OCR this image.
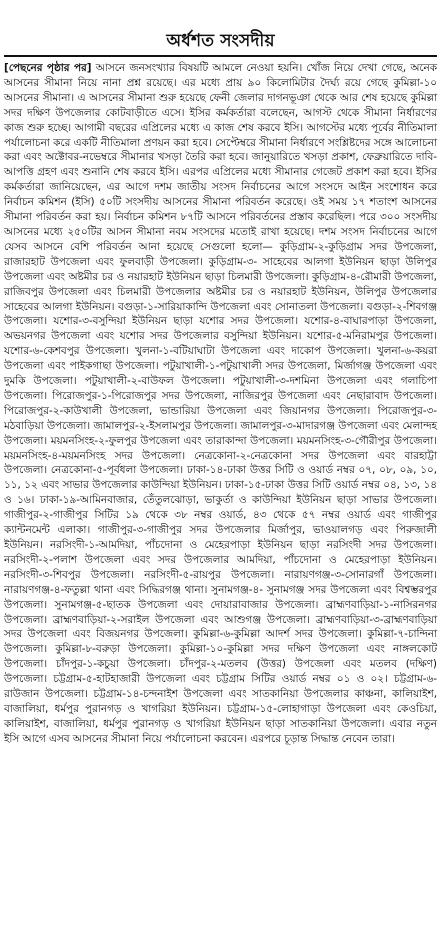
অর্ধশত সংসদীয়

[পেছনের পৃষ্ঠার পর] আসনে জনসংখ্যার বিষয়টি আমলে নেওয়া হয়নি। খোঁজ নিয়ে দেখা গেছে, অনেক আসনের সীমানা নিয়ে নানা প্রশ্ন রয়েছে। এর মধ্যে প্রায় ৯০ কিলোমিটার দৈর্ঘ্য রয়ে গেছে কুমিল্লা-১০ আসনের সীমানা। এ আসনের সীমানা শুরু হয়েছে ফেনী জেলার দাগনভূঞা থেকে আর শেষ হয়েছে কুমিল্লা সদর দক্ষিণ উপজেলার কোটবাড়ীতে এসে। ইসির কর্মকর্তারা বলেছেন, আগস্ট থেকে সীমানা নির্ধারণের কাজ শুরু হচ্ছে। আগামী বছরের এপ্রিলের মধ্যে এ কাজ শেষ করবে ইসি। আগস্টের মধ্যে পূর্বের নীতিমালা পর্যালোচনা করে একটি নীতিমালা প্রণয়ন করা হবে। সেপ্টেম্বরে সীমানা নির্ধারণে সংশ্লিষ্টদের সঙ্গে আলোচনা করা এবং অক্টোবর-নভেম্বরে সীমানার খসড়া তৈরি করা হবে। জানুয়ারিতে খসড়া প্রকাশ, ফেব্রুয়ারিতে দাবি-আপত্তি গ্রহণ এবং শুনানি শেষ করবে ইসি। এরপর এপ্রিলের মধ্যে সীমানার গেজেট প্রকাশ করা হবে। ইসির কর্মকর্তারা জানিয়েছেন, এর আগে দশম জাতীয় সংসদ নির্বাচনের আগে সংসদে আইন সংশোধন করে নির্বাচন কমিশন (ইসি) ৫০টি সংসদীয় আসনের সীমানা পরিবর্তন করেছে। ওই সময় ১৭ শতাংশ আসনের সীমানা পরিবর্তন করা হয়। নির্বাচন কমিশন ৮৭টি আসনে পরিবর্তনের প্রস্তাব করেছিল। পরে ৩০০ সংসদীয় আসনের মধ্যে ২৫০টির আসন সীমানা নবম সংসদের মতোই রাখা হয়েছে। দশম সংসদ নির্বাচনের আগে যেসব আসনে বেশি পরিবর্তন আনা হয়েছে সেগুলো হলো— কুড়িগ্রাম-২-কুড়িগ্রাম সদর উপজেলা, রাজারহাট উপজেলা এবং ফুলবাড়ী উপজেলা। কুড়িগ্রাম-৩- সাহেবের আলগা ইউনিয়ন ছাড়া উলিপুর উপজেলা এবং অষ্টমীর চর ও নয়ারহাট ইউনিয়ন ছাড়া চিলমারী উপজেলা। কুড়িগ্রাম-৪-রৌমারী উপজেলা, রাজিবপুর উপজেলা এবং চিলমারী উপজেলার অষ্টমীর চর ও নয়ারহাট ইউনিয়ন, উলিপুর উপজেলার সাহেবের আলগা ইউনিয়ন। বগুড়া-১-সারিয়াকান্দি উপজেলা এবং সোনাতলা উপজেলা। বগুড়া-২-শিবগঞ্জ উপজেলা। যশোর-৩-বসুন্দিয়া ইউনিয়ন ছাড়া যশোর সদর উপজেলা। যশোর-৪-বাঘারপাড়া উপজেলা, অভয়নগর উপজেলা এবং যশোর সদর উপজেলার বসুন্দিয়া ইউনিয়ন। যশোর-৫-মনিরামপুর উপজেলা। যশোর-৬-কেশবপুর উপজেলা। খুলনা-১-বটিয়াঘাটা উপজেলা এবং দাকোপ উপজেলা। খুলনা-৬-কয়রা উপজেলা এবং পাইকগাছা উপজেলা। পটুয়াখালী-১-পটুয়াখালী সদর উপজেলা, মির্জাগঞ্জ উপজেলা এবং দুমকি উপজেলা। পটুয়াখালী-২-বাউফল উপজেলা। পটুয়াখালী-৩-দশমিনা উপজেলা এবং গলাচিপা উপজেলা। পিরোজপুর-১-পিরোজপুর সদর উপজেলা, নাজিরপুর উপজেলা এবং নেছারাবাদ উপজেলা। পিরোজপুর-২-কাউখালী উপজেলা, ভান্ডারিয়া উপজেলা এবং জিয়ানগর উপজেলা। পিরোজপুর-৩-মঠবাড়িয়া উপজেলা। জামালপুর-২-ইসলামপুর উপজেলা। জামালপুর-৩-মাদারগঞ্জ উপজেলা এবং মেলান্দহ উপজেলা। ময়মনসিংহ-২-ফুলপুর উপজেলা এবং তারাকান্দা উপজেলা। ময়মনসিংহ-৩-গৌরীপুর উপজেলা। ময়মনসিংহ-৪-ময়মনসিংহ সদর উপজেলা। নেত্রকোনা-২-নেত্রকোনা সদর উপজেলা এবং বারহাট্টা উপজেলা। নেত্রকোনা-৫-পূর্বধলা উপজেলা। ঢাকা-১৪-ঢাকা উত্তর সিটি ও ওয়ার্ড নম্বর ০৭, ০৮, ০৯, ১০, ১১, ১২ এবং সাভার উপজেলার কাউন্দিয়া ইউনিয়ন। ঢাকা-১৫-ঢাকা উত্তর সিটি ওয়ার্ড নম্বর ০৪, ১৩, ১৪ ও ১৬। ঢাকা-১৯-আমিনবাজার, তেঁতুলঝোড়া, ভাকুর্তা ও কাউন্দিয়া ইউনিয়ন ছাড়া সাভার উপজেলা। গাজীপুর-২-গাজীপুর সিটির ১৯ থেকে ৩৮ নম্বর ওয়ার্ড, ৪৩ থেকে ৫৭ নম্বর ওয়ার্ড এবং গাজীপুর ক্যান্টনমেন্ট এলাকা। গাজীপুর-৩-গাজীপুর সদর উপজেলার মির্জাপুর, ভাওয়ালগড় এবং পিরুজালী ইউনিয়ন। নরসিংদী-১-আমদিয়া, পাঁচদোনা ও মেহেরপাড়া ইউনিয়ন ছাড়া নরসিংদী সদর উপজেলা। নরসিংদী-২-পলাশ উপজেলা এবং সদর উপজেলার আমদিয়া, পাঁচদোনা ও মেহেরপাড়া ইউনিয়ন। নরসিংদী-৩-শিবপুর উপজেলা। নরসিংদী-৫-রায়পুর উপজেলা। নারায়ণগঞ্জ-৩-সোনারগাঁ উপজেলা। নারায়ণগঞ্জ-৪-ফতুল্লা থানা এবং সিদ্ধিরগঞ্জ থানা। সুনামগঞ্জ-৪- সুনামগঞ্জ সদর উপজেলা এবং বিশ্বম্ভরপুর উপজেলা। সুনামগঞ্জ-৫-ছাতক উপজেলা এবং দোয়ারাবাজার উপজেলা। ব্রাহ্মণবাড়িয়া-১-নাসিরনগর উপজেলা। ব্রাহ্মণবাড়িয়া-২-সরাইল উপজেলা এবং আশুগঞ্জ উপজেলা। ব্রাহ্মণবাড়িয়া-৩-ব্রাহ্মণবাড়িয়া সদর উপজেলা এবং বিজয়নগর উপজেলা। কুমিল্লা-৬-কুমিল্লা আদর্শ সদর উপজেলা। কুমিল্লা-৭-চান্দিনা উপজেলা। কুমিল্লা-৮-বরুড়া উপজেলা। কুমিল্লা-১০-কুমিল্লা সদর দক্ষিণ উপজেলা এবং নাঙ্গলকোট উপজেলা। চাঁদপুর-১-কচুয়া উপজেলা। চাঁদপুর-২-মতলব (উত্তর) উপজেলা এবং মতলব (দক্ষিণ) উপজেলা। চট্টগ্রাম-৫-হাটহাজারী উপজেলা এবং চট্টগ্রাম সিটির ওয়ার্ড নম্বর ০১ ও ০২। চট্টগ্রাম-৬-রাউজান উপজেলা। চট্টগ্রাম-১৪-চন্দনাইশ উপজেলা এবং সাতকানিয়া উপজেলার কাঞ্চনা, কালিয়াইশ, বাজালিয়া, ধর্মপুর পুরানগড় ও খাগরিয়া ইউনিয়ন। চট্টগ্রাম-১৫-লোহাগাড়া উপজেলা এবং কেওচিয়া, কালিয়াইশ, বাজালিয়া, ধর্মপুর পুরানগড় ও খাগরিয়া ইউনিয়ন ছাড়া সাতকানিয়া উপজেলা। এবার নতুন ইসি আগে এসব আসনের সীমানা নিয়ে পর্যালোচনা করবেন। এরপরে চূড়ান্ত সিদ্ধান্ত নেবেন তারা।
